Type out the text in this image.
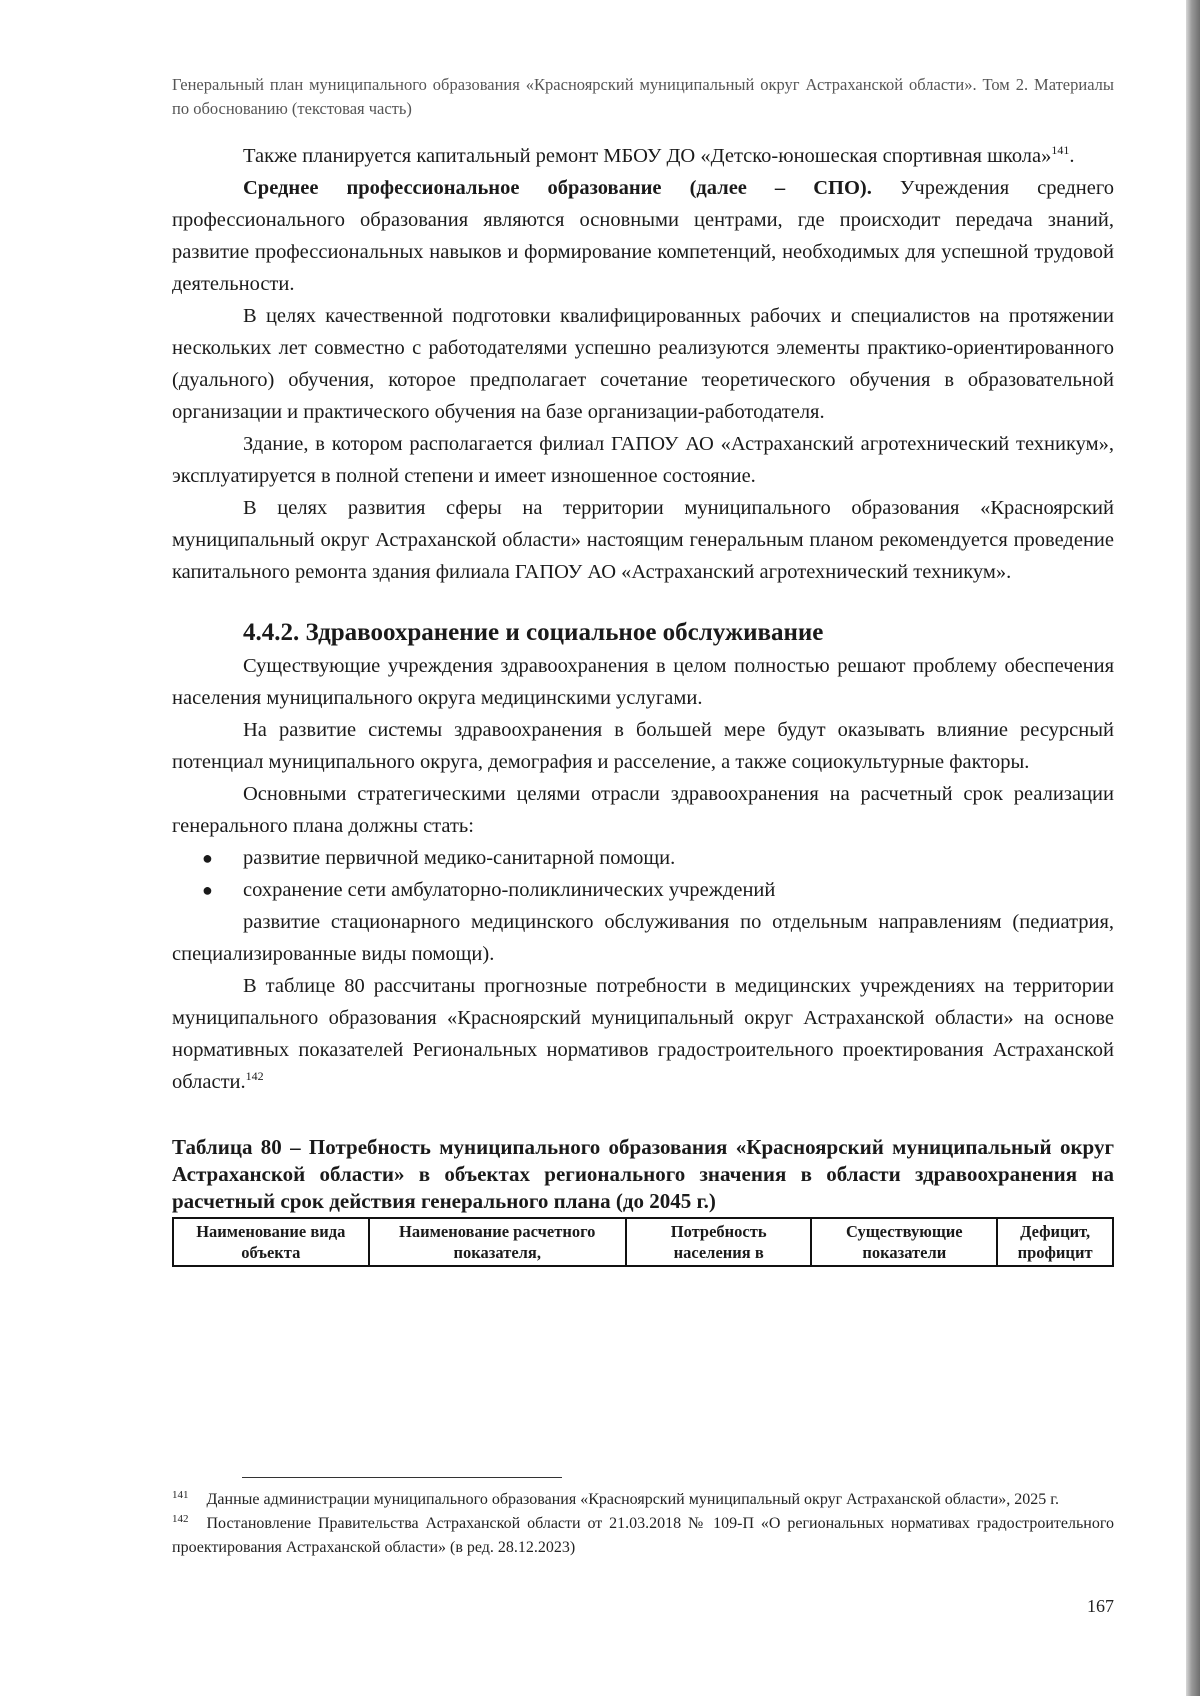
Генеральный план муниципального образования «Красноярский муниципальный округ Астраханской области». Том 2. Материалы по обоснованию (текстовая часть)

Также планируется капитальный ремонт МБОУ ДО «Детско-юношеская спортивная школа»$^{141}$.

Среднее профессиональное образование (далее – СПО). Учреждения среднего профессионального образования являются основными центрами, где происходит передача знаний, развитие профессиональных навыков и формирование компетенций, необходимых для успешной трудовой деятельности.

В целях качественной подготовки квалифицированных рабочих и специалистов на протяжении нескольких лет совместно с работодателями успешно реализуются элементы практико-ориентированного (дуального) обучения, которое предполагает сочетание теоретического обучения в образовательной организации и практического обучения на базе организации-работодателя.

Здание, в котором располагается филиал ГАПОУ АО «Астраханский агротехнический техникум», эксплуатируется в полной степени и имеет изношенное состояние.

В целях развития сферы на территории муниципального образования «Красноярский муниципальный округ Астраханской области» настоящим генеральным планом рекомендуется проведение капитального ремонта здания филиала ГАПОУ АО «Астраханский агротехнический техникум».

4.4.2. Здравоохранение и социальное обслуживание

Существующие учреждения здравоохранения в целом полностью решают проблему обеспечения населения муниципального округа медицинскими услугами.

На развитие системы здравоохранения в большей мере будут оказывать влияние ресурсный потенциал муниципального округа, демография и расселение, а также социокультурные факторы.

Основными стратегическими целями отрасли здравоохранения на расчетный срок реализации генерального плана должны стать:

● развитие первичной медико-санитарной помощи.
● сохранение сети амбулаторно-поликлинических учреждений

развитие стационарного медицинского обслуживания по отдельным направлениям (педиатрия, специализированные виды помощи).

В таблице 80 рассчитаны прогнозные потребности в медицинских учреждениях на территории муниципального образования «Красноярский муниципальный округ Астраханской области» на основе нормативных показателей Региональных нормативов градостроительного проектирования Астраханской области.$^{142}$

Таблица 80 – Потребность муниципального образования «Красноярский муниципальный округ Астраханской области» в объектах регионального значения в области здравоохранения на расчетный срок действия генерального плана (до 2045 г.)
Наименование вида объекта	Наименование расчетного показателя,	Потребность населения в	Существующие показатели	Дефицит, профицит

$^{141}$ Данные администрации муниципального образования «Красноярский муниципальный округ Астраханской области», 2025 г.

$^{142}$ Постановление Правительства Астраханской области от 21.03.2018 № 109-П «О региональных нормативах градостроительного проектирования Астраханской области» (в ред. 28.12.2023)

167
